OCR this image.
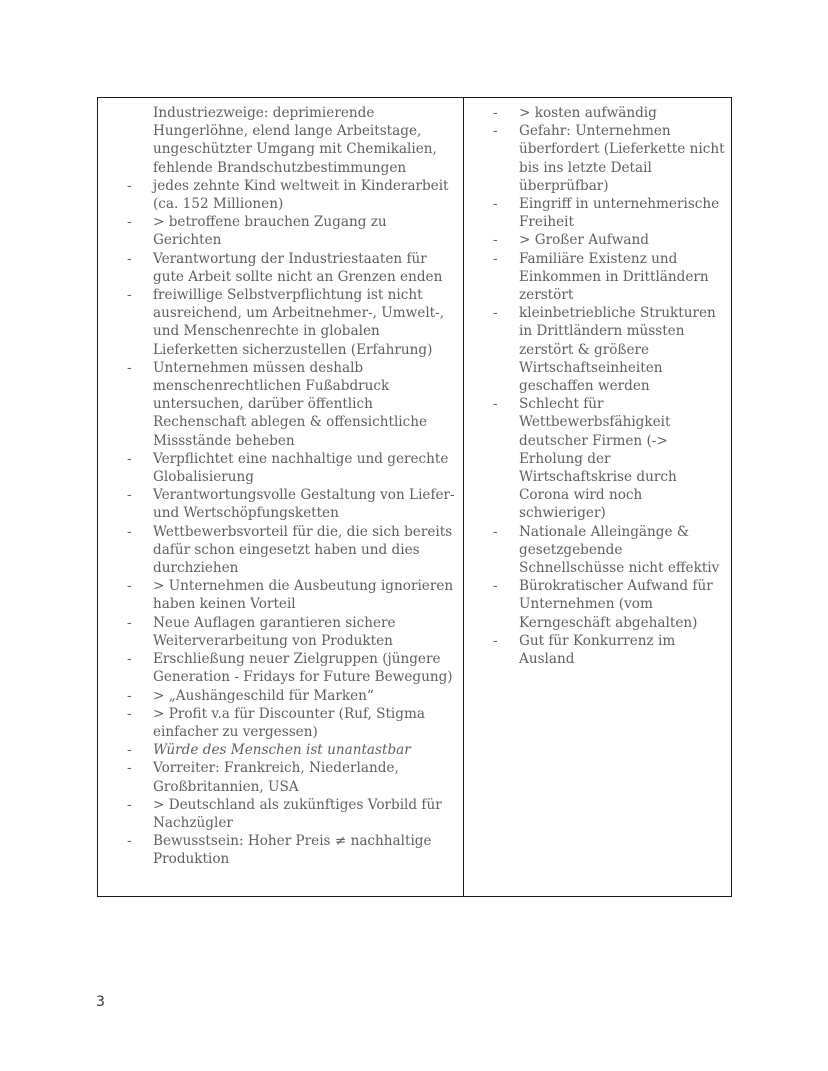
Industriezweige: deprimierende Hungerlöhne, elend lange Arbeitstage, ungeschützter Umgang mit Chemikalien, fehlende Brandschutzbestimmungen
- jedes zehnte Kind weltweit in Kinderarbeit (ca. 152 Millionen)
- > betroffene brauchen Zugang zu Gerichten
- Verantwortung der Industriestaaten für gute Arbeit sollte nicht an Grenzen enden
- freiwillige Selbstverpflichtung ist nicht ausreichend, um Arbeitnehmer-, Umwelt-, und Menschenrechte in globalen Lieferketten sicherzustellen (Erfahrung)
- Unternehmen müssen deshalb menschenrechtlichen Fußabdruck untersuchen, darüber öffentlich Rechenschaft ablegen & offensichtliche Missstände beheben
- Verpflichtet eine nachhaltige und gerechte Globalisierung
- Verantwortungsvolle Gestaltung von Liefer- und Wertschöpfungsketten
- Wettbewerbsvorteil für die, die sich bereits dafür schon eingesetzt haben und dies durchziehen
- > Unternehmen die Ausbeutung ignorieren haben keinen Vorteil
- Neue Auflagen garantieren sichere Weiterverarbeitung von Produkten
- Erschließung neuer Zielgruppen (jüngere Generation - Fridays for Future Bewegung)
- > „Aushängeschild für Marken“
- > Profit v.a für Discounter (Ruf, Stigma einfacher zu vergessen)
- Würde des Menschen ist unantastbar
- Vorreiter: Frankreich, Niederlande, Großbritannien, USA
- > Deutschland als zukünftiges Vorbild für Nachzügler
- Bewusstsein: Hoher Preis ≠ nachhaltige Produktion
- > kosten aufwändig
- Gefahr: Unternehmen überfordert (Lieferkette nicht bis ins letzte Detail überprüfbar)
- Eingriff in unternehmerische Freiheit
- > Großer Aufwand
- Familiäre Existenz und Einkommen in Drittländern zerstört
- kleinbetriebliche Strukturen in Drittländern müssten zerstört & größere Wirtschaftseinheiten geschaffen werden
- Schlecht für Wettbewerbsfähigkeit deutscher Firmen (-> Erholung der Wirtschaftskrise durch Corona wird noch schwieriger)
- Nationale Alleingänge & gesetzgebende Schnellschüsse nicht effektiv
- Bürokratischer Aufwand für Unternehmen (vom Kerngeschäft abgehalten)
- Gut für Konkurrenz im Ausland
3
